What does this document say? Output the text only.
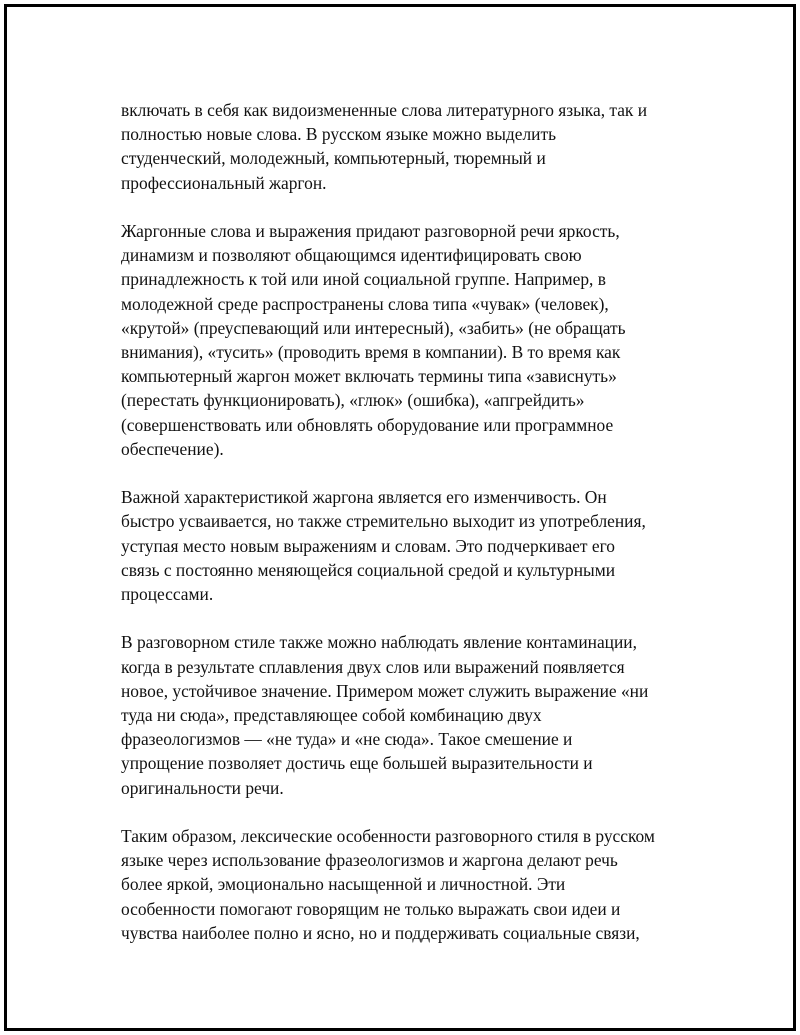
включать в себя как видоизмененные слова литературного языка, так и
полностью новые слова. В русском языке можно выделить
студенческий, молодежный, компьютерный, тюремный и
профессиональный жаргон.

Жаргонные слова и выражения придают разговорной речи яркость,
динамизм и позволяют общающимся идентифицировать свою
принадлежность к той или иной социальной группе. Например, в
молодежной среде распространены слова типа «чувак» (человек),
«крутой» (преуспевающий или интересный), «забить» (не обращать
внимания), «тусить» (проводить время в компании). В то время как
компьютерный жаргон может включать термины типа «зависнуть»
(перестать функционировать), «глюк» (ошибка), «апгрейдить»
(совершенствовать или обновлять оборудование или программное
обеспечение).

Важной характеристикой жаргона является его изменчивость. Он
быстро усваивается, но также стремительно выходит из употребления,
уступая место новым выражениям и словам. Это подчеркивает его
связь с постоянно меняющейся социальной средой и культурными
процессами.

В разговорном стиле также можно наблюдать явление контаминации,
когда в результате сплавления двух слов или выражений появляется
новое, устойчивое значение. Примером может служить выражение «ни
туда ни сюда», представляющее собой комбинацию двух
фразеологизмов — «не туда» и «не сюда». Такое смешение и
упрощение позволяет достичь еще большей выразительности и
оригинальности речи.

Таким образом, лексические особенности разговорного стиля в русском
языке через использование фразеологизмов и жаргона делают речь
более яркой, эмоционально насыщенной и личностной. Эти
особенности помогают говорящим не только выражать свои идеи и
чувства наиболее полно и ясно, но и поддерживать социальные связи,
